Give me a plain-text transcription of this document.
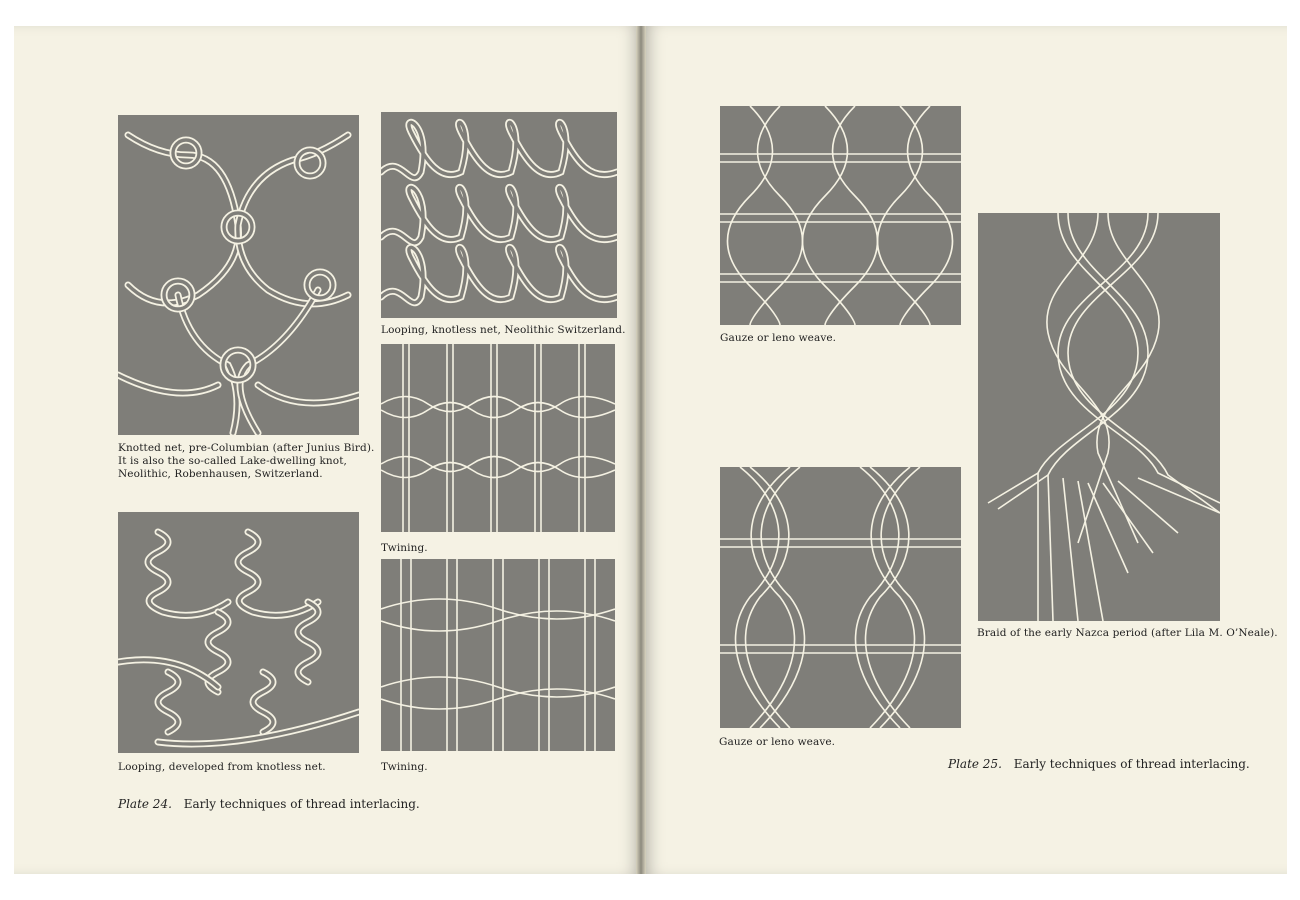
Knotted net, pre-Columbian (after Junius Bird).
It is also the so-called Lake-dwelling knot,
Neolithic, Robenhausen, Switzerland.
Looping, knotless net, Neolithic Switzerland.
Twining.
Looping, developed from knotless net.	Twining.
Plate 24. Early techniques of thread interlacing.
Gauze or leno weave.
Braid of the early Nazca period (after Lila M. O’Neale).
Gauze or leno weave.
Plate 25. Early techniques of thread interlacing.
